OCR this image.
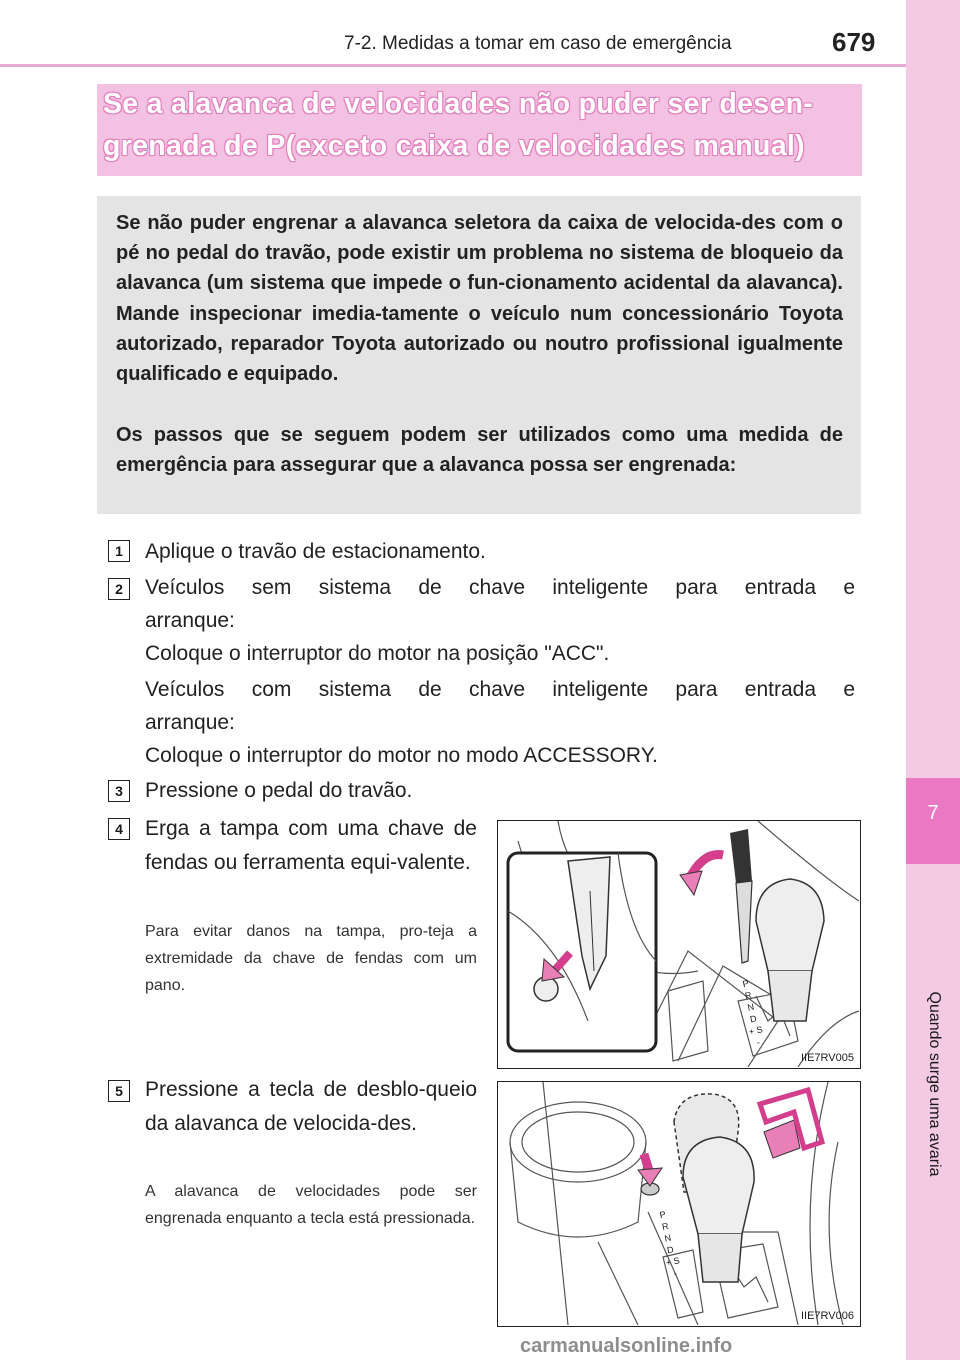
7-2. Medidas a tomar em caso de emergência	679
7
Quando surge uma avaria

Se a alavanca de velocidades não puder ser desen-

grenada de P(exceto caixa de velocidades manual)

Se não puder engrenar a alavanca seletora da caixa de velocida-des com o pé no pedal do travão, pode existir um problema no sistema de bloqueio da alavanca (um sistema que impede o fun-cionamento acidental da alavanca). Mande inspecionar imedia-tamente o veículo num concessionário Toyota autorizado, reparador Toyota autorizado ou noutro profissional igualmente qualificado e equipado.

Os passos que se seguem podem ser utilizados como uma medida de emergência para assegurar que a alavanca possa ser engrenada:

1	Aplique o travão de estacionamento.

2	Veículos sem sistema de chave inteligente para entrada e

arranque:

Coloque o interruptor do motor na posição "ACC".

Veículos com sistema de chave inteligente para entrada e

arranque:

Coloque o interruptor do motor no modo ACCESSORY.

3	Pressione o pedal do travão.

4	Erga a tampa com uma chave de fendas ou ferramenta equi-valente.

Para evitar danos na tampa, pro-teja a extremidade da chave de fendas com um pano.	P
R
N
D
+ S -
IIE7RV005
5	Pressione a tecla de desblo-queio da alavanca de velocida-des.

A alavanca de velocidades pode ser engrenada enquanto a tecla está pressionada.	P
R
N
D
+ S -
IIE7RV006
carmanualsonline.info
